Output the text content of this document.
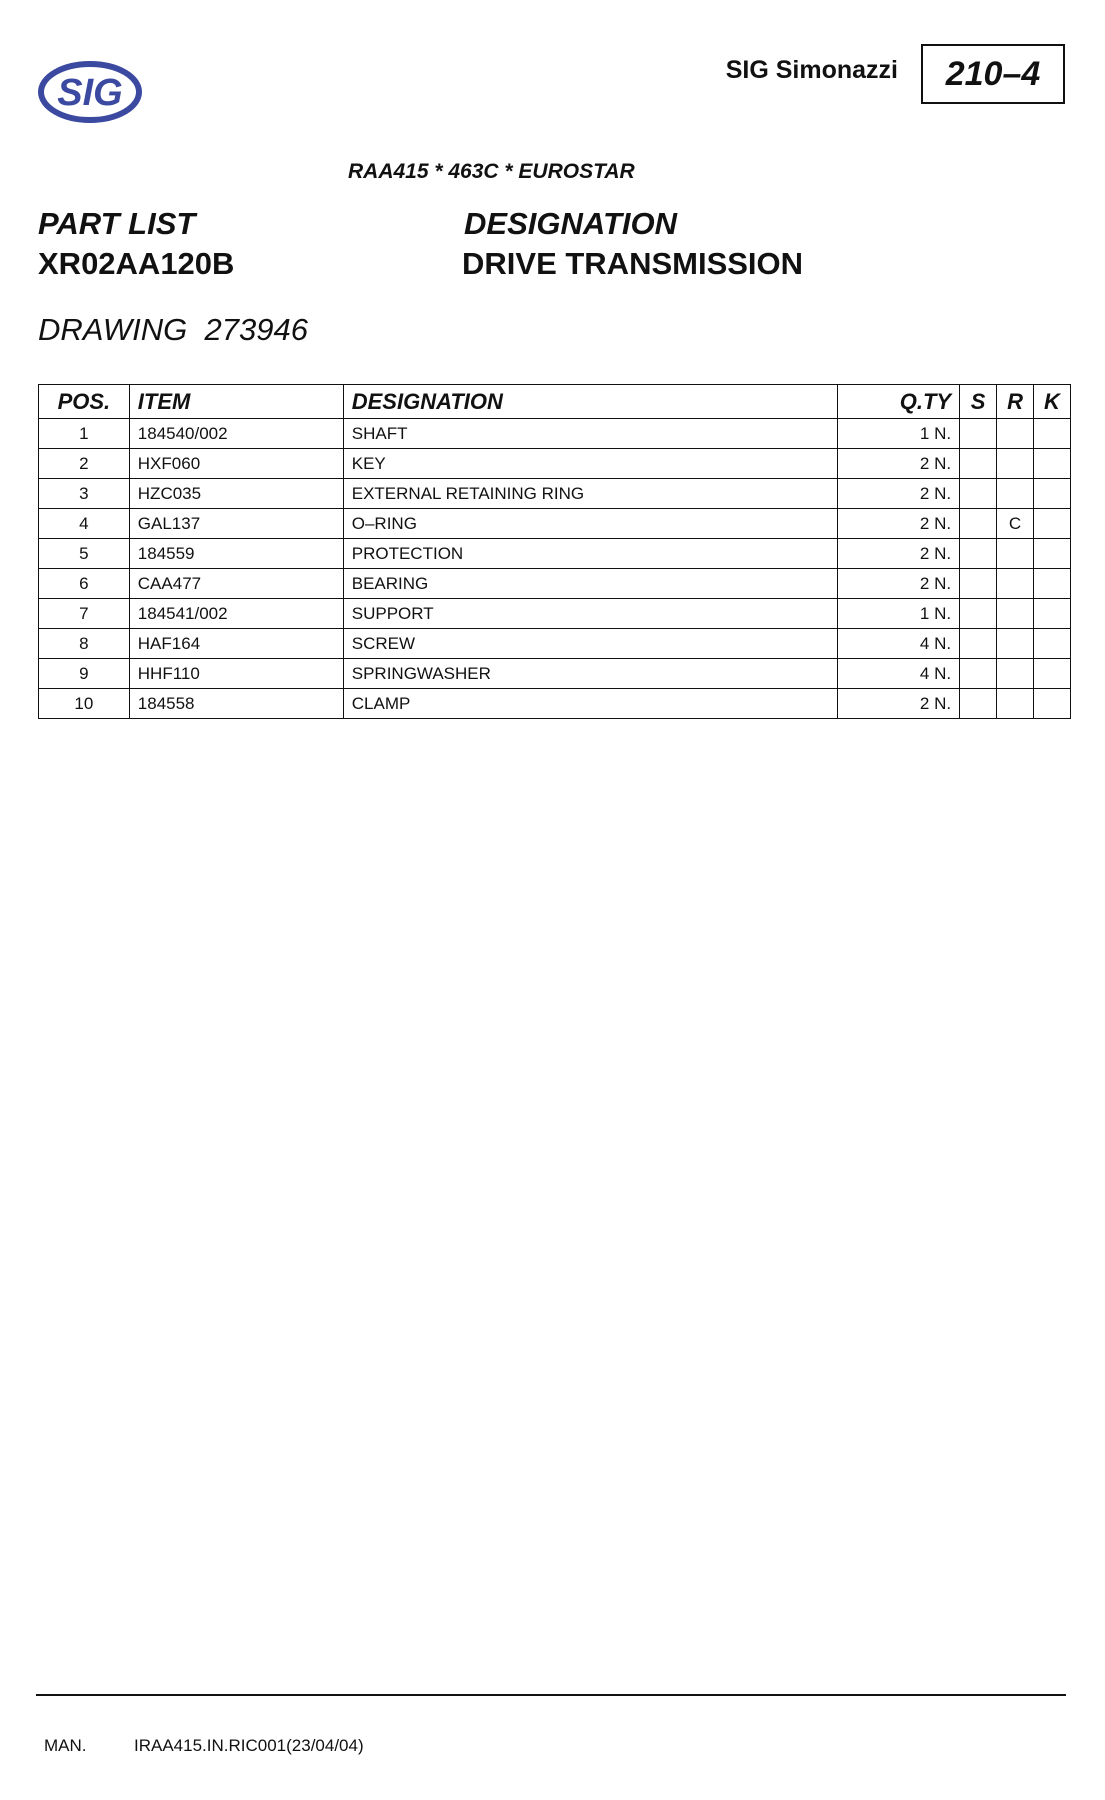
SIG
SIG Simonazzi	210–4
RAA415 * 463C * EUROSTAR
PART LIST	DESIGNATION
XR02AA120B	DRIVE TRANSMISSION
DRAWING  273946
POS.	ITEM	DESIGNATION	Q.TY	S	R	K
1	184540/002	SHAFT	1 N.			
2	HXF060	KEY	2 N.			
3	HZC035	EXTERNAL RETAINING RING	2 N.			
4	GAL137	O–RING	2 N.		C	
5	184559	PROTECTION	2 N.			
6	CAA477	BEARING	2 N.			
7	184541/002	SUPPORT	1 N.			
8	HAF164	SCREW	4 N.			
9	HHF110	SPRINGWASHER	4 N.			
10	184558	CLAMP	2 N.			
MAN.	IRAA415.IN.RIC001(23/04/04)
